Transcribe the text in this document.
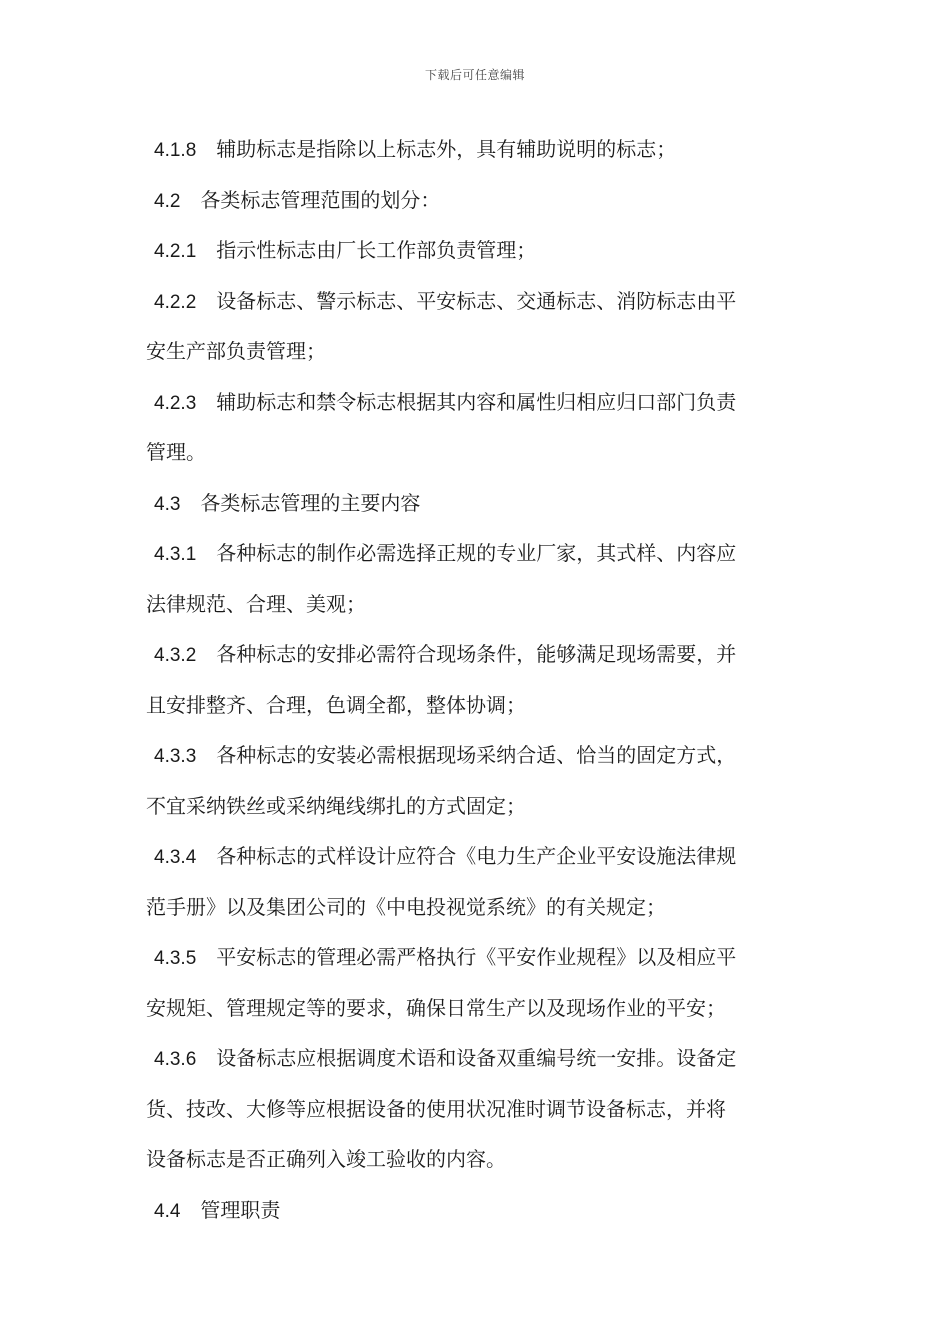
下载后可任意编辑
4.1.8 辅助标志是指除以上标志外，具有辅助说明的标志；
4.2 各类标志管理范围的划分：
4.2.1 指示性标志由厂长工作部负责管理；
4.2.2 设备标志、警示标志、平安标志、交通标志、消防标志由平
安生产部负责管理；
4.2.3 辅助标志和禁令标志根据其内容和属性归相应归口部门负责
管理。
4.3 各类标志管理的主要内容
4.3.1 各种标志的制作必需选择正规的专业厂家，其式样、内容应
法律规范、合理、美观；
4.3.2 各种标志的安排必需符合现场条件，能够满足现场需要，并
且安排整齐、合理，色调全都，整体协调；
4.3.3 各种标志的安装必需根据现场采纳合适、恰当的固定方式，
不宜采纳铁丝或采纳绳线绑扎的方式固定；
4.3.4 各种标志的式样设计应符合《电力生产企业平安设施法律规
范手册》以及集团公司的《中电投视觉系统》的有关规定；
4.3.5 平安标志的管理必需严格执行《平安作业规程》以及相应平
安规矩、管理规定等的要求，确保日常生产以及现场作业的平安；
4.3.6 设备标志应根据调度术语和设备双重编号统一安排。设备定
货、技改、大修等应根据设备的使用状况准时调节设备标志，并将
设备标志是否正确列入竣工验收的内容。
4.4 管理职责
